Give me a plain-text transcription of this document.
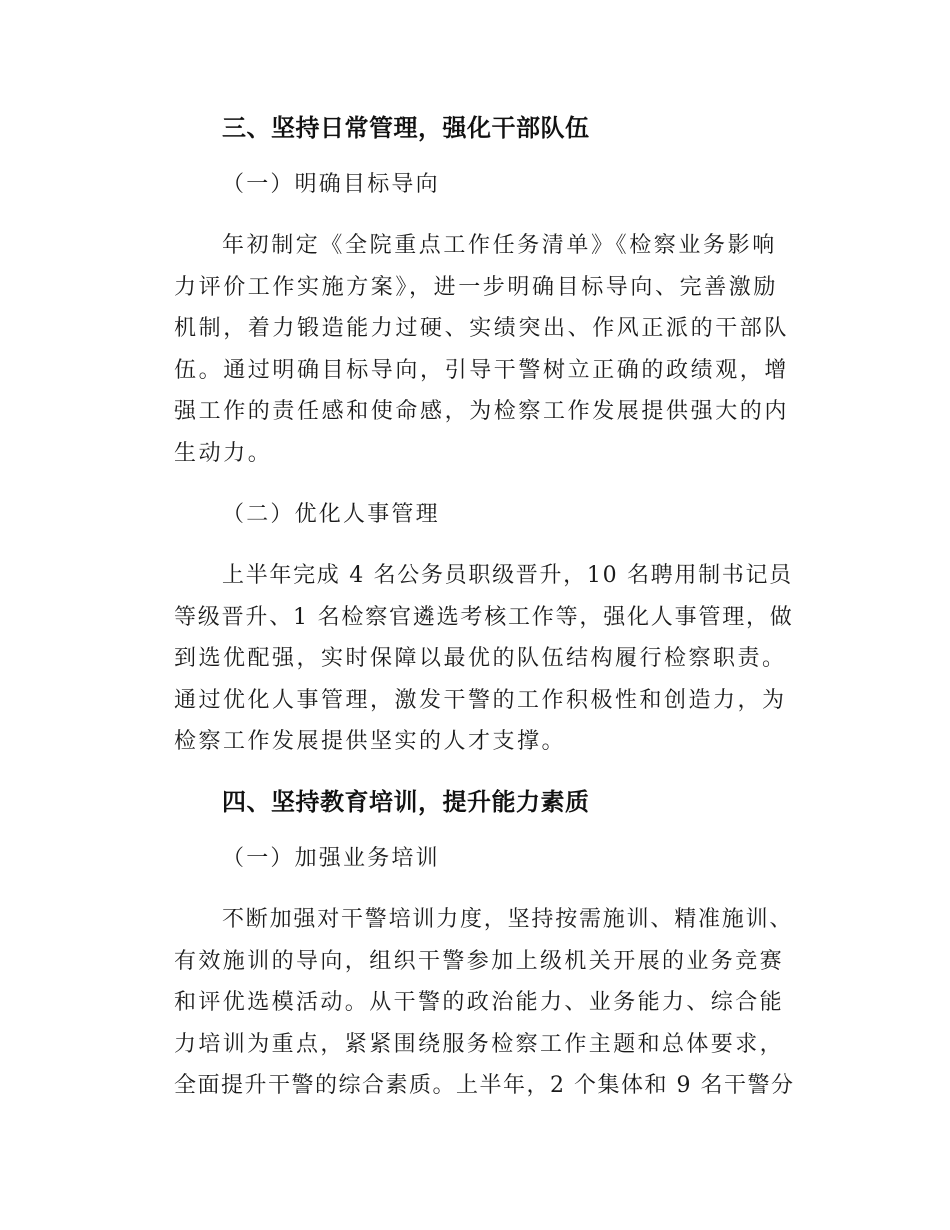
三、坚持日常管理，强化干部队伍
（一）明确目标导向
年初制定《全院重点工作任务清单》《检察业务影响
力评价工作实施方案》，进一步明确目标导向、完善激励
机制，着力锻造能力过硬、实绩突出、作风正派的干部队
伍。通过明确目标导向，引导干警树立正确的政绩观，增
强工作的责任感和使命感，为检察工作发展提供强大的内
生动力。
（二）优化人事管理
上半年完成 4 名公务员职级晋升，10 名聘用制书记员
等级晋升、1 名检察官遴选考核工作等，强化人事管理，做
到选优配强，实时保障以最优的队伍结构履行检察职责。
通过优化人事管理，激发干警的工作积极性和创造力，为
检察工作发展提供坚实的人才支撑。
四、坚持教育培训，提升能力素质
（一）加强业务培训
不断加强对干警培训力度，坚持按需施训、精准施训、
有效施训的导向，组织干警参加上级机关开展的业务竞赛
和评优选模活动。从干警的政治能力、业务能力、综合能
力培训为重点，紧紧围绕服务检察工作主题和总体要求，
全面提升干警的综合素质。上半年，2 个集体和 9 名干警分
